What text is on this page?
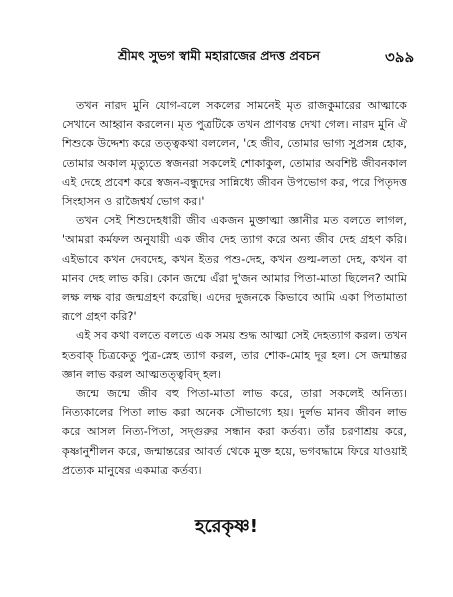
শ্রীমৎ সুভগ স্বামী মহারাজের প্রদত্ত প্রবচন	৩৯৯

তখন নারদ মুনি যোগ-বলে সকলের সামনেই মৃত রাজকুমারের আত্মাকে সেখানে আহ্বান করলেন। মৃত পুত্রটিকে তখন প্রাণবন্ত দেখা গেল। নারদ মুনি ঐ শিশুকে উদ্দেশ্য করে তত্ত্বকথা বললেন, 'হে জীব, তোমার ভাগ্য সুপ্রসন্ন হোক, তোমার অকাল মৃত্যুতে স্বজনরা সকলেই শোকাকুল, তোমার অবশিষ্ট জীবনকাল এই দেহে প্রবেশ করে স্বজন-বন্ধুদের সান্নিধ্যে জীবন উপভোগ কর, পরে পিতৃদত্ত সিংহাসন ও রাজৈশ্বর্য ভোগ কর।'

তখন সেই শিশুদেহধারী জীব একজন মুক্তাত্মা জ্ঞানীর মত বলতে লাগল, 'আমরা কর্মফল অনুযায়ী এক জীব দেহ ত্যাগ করে অন্য জীব দেহ গ্রহণ করি। এইভাবে কখন দেবদেহ, কখন ইতর পশু-দেহ, কখন গুল্ম-লতা দেহ, কখন বা মানব দেহ লাভ করি। কোন জন্মে এঁরা দু'জন আমার পিতা-মাতা ছিলেন? আমি লক্ষ লক্ষ বার জন্মগ্রহণ করেছি। এদের দুজনকে কিভাবে আমি একা পিতামাতা রূপে গ্রহণ করি?'

এই সব কথা বলতে বলতে এক সময় শুদ্ধ আত্মা সেই দেহত্যাগ করল। তখন হতবাক্ চিত্রকেতু পুত্র-স্নেহ ত্যাগ করল, তার শোক-মোহ দূর হল। সে জন্মান্তর জ্ঞান লাভ করল আত্মতত্ত্ববিদ্ হল।

জন্মে জন্মে জীব বহু পিতা-মাতা লাভ করে, তারা সকলেই অনিত্য। নিত্যকালের পিতা লাভ করা অনেক সৌভাগ্যে হয়। দুর্লভ মানব জীবন লাভ করে আসল নিত্য-পিতা, সদ্গুরুর সন্ধান করা কর্তব্য। তাঁর চরণাশ্রয় করে, কৃষ্ণানুশীলন করে, জন্মান্তরের আবর্ত থেকে মুক্ত হয়ে, ভগবদ্ধামে ফিরে যাওয়াই প্রত্যেক মানুষের একমাত্র কর্তব্য।

হরেকৃষ্ণ!
